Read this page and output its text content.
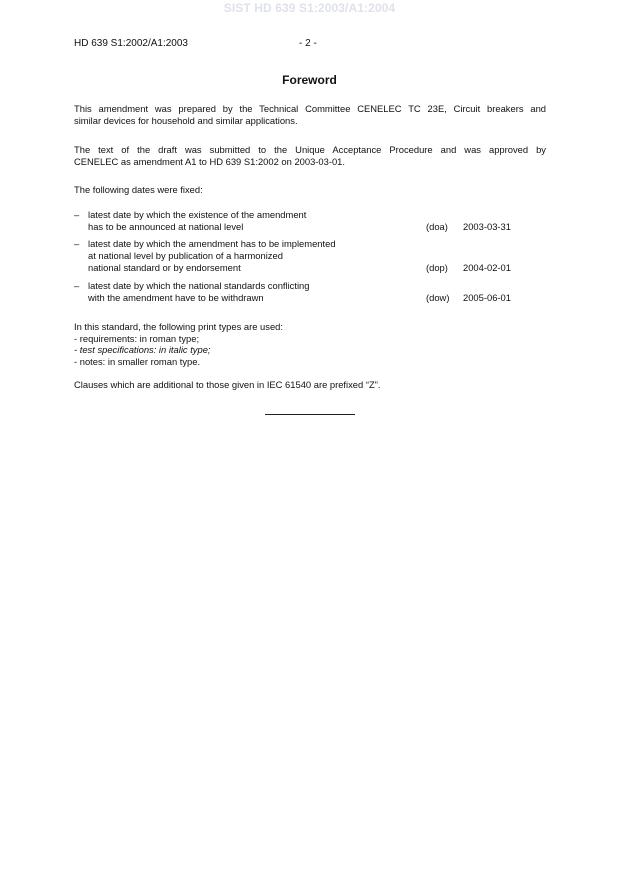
SIST HD 639 S1:2003/A1:2004
HD 639 S1:2002/A1:2003	- 2 -
Foreword
This amendment was prepared by the Technical Committee CENELEC TC 23E, Circuit breakers and
similar devices for household and similar applications.
The text of the draft was submitted to the Unique Acceptance Procedure and was approved by
CENELEC as amendment A1 to HD 639 S1:2002 on 2003-03-01.
The following dates were fixed:
– latest date by which the existence of the amendment
has to be announced at national level	(doa) 2003-03-31
– latest date by which the amendment has to be implemented
at national level by publication of a harmonized
national standard or by endorsement	(dop) 2004-02-01
– latest date by which the national standards conflicting
with the amendment have to be withdrawn	(dow) 2005-06-01
In this standard, the following print types are used:
- requirements: in roman type;
- test specifications: in italic type;
- notes: in smaller roman type.
Clauses which are additional to those given in IEC 61540 are prefixed “Z”.
